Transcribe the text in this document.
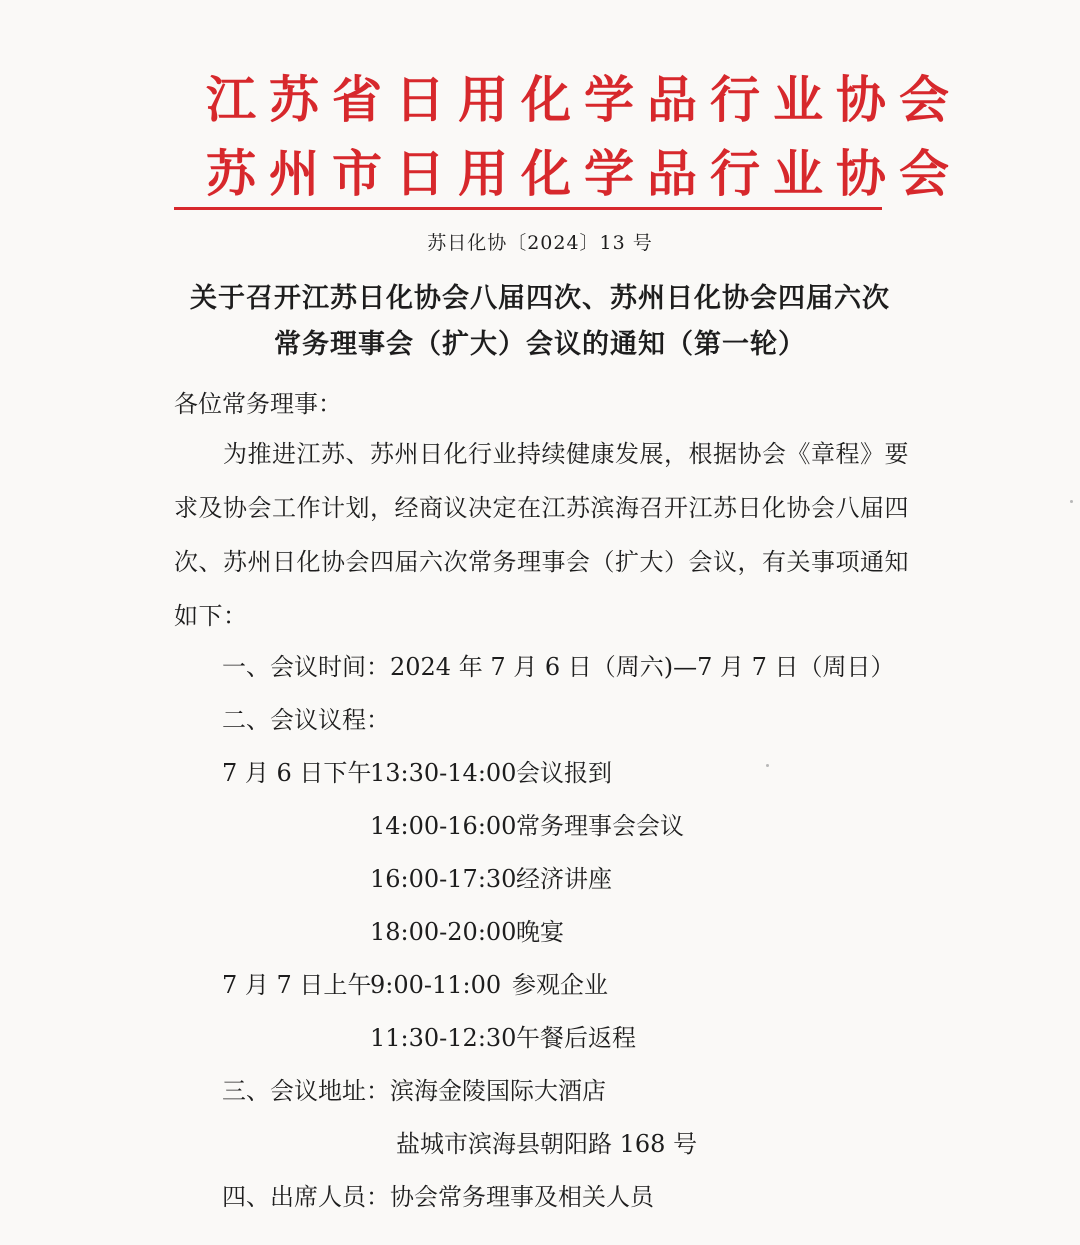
江苏省日用化学品行业协会
苏州市日用化学品行业协会
苏日化协〔2024〕13 号
关于召开江苏日化协会八届四次、苏州日化协会四届六次
常务理事会（扩大）会议的通知（第一轮）
各位常务理事：
　　为推进江苏、苏州日化行业持续健康发展，根据协会《章程》要
求及协会工作计划，经商议决定在江苏滨海召开江苏日化协会八届四
次、苏州日化协会四届六次常务理事会（扩大）会议，有关事项通知
如下：
一、会议时间：2024 年 7 月 6 日（周六)—7 月 7 日（周日）
二、会议议程：
7 月 6 日下午13:30-14:00会议报到
14:00-16:00常务理事会会议
16:00-17:30经济讲座
18:00-20:00晚宴
7 月 7 日上午9:00-11:00 参观企业
11:30-12:30午餐后返程
三、会议地址：滨海金陵国际大酒店
盐城市滨海县朝阳路 168 号
四、出席人员：协会常务理事及相关人员
